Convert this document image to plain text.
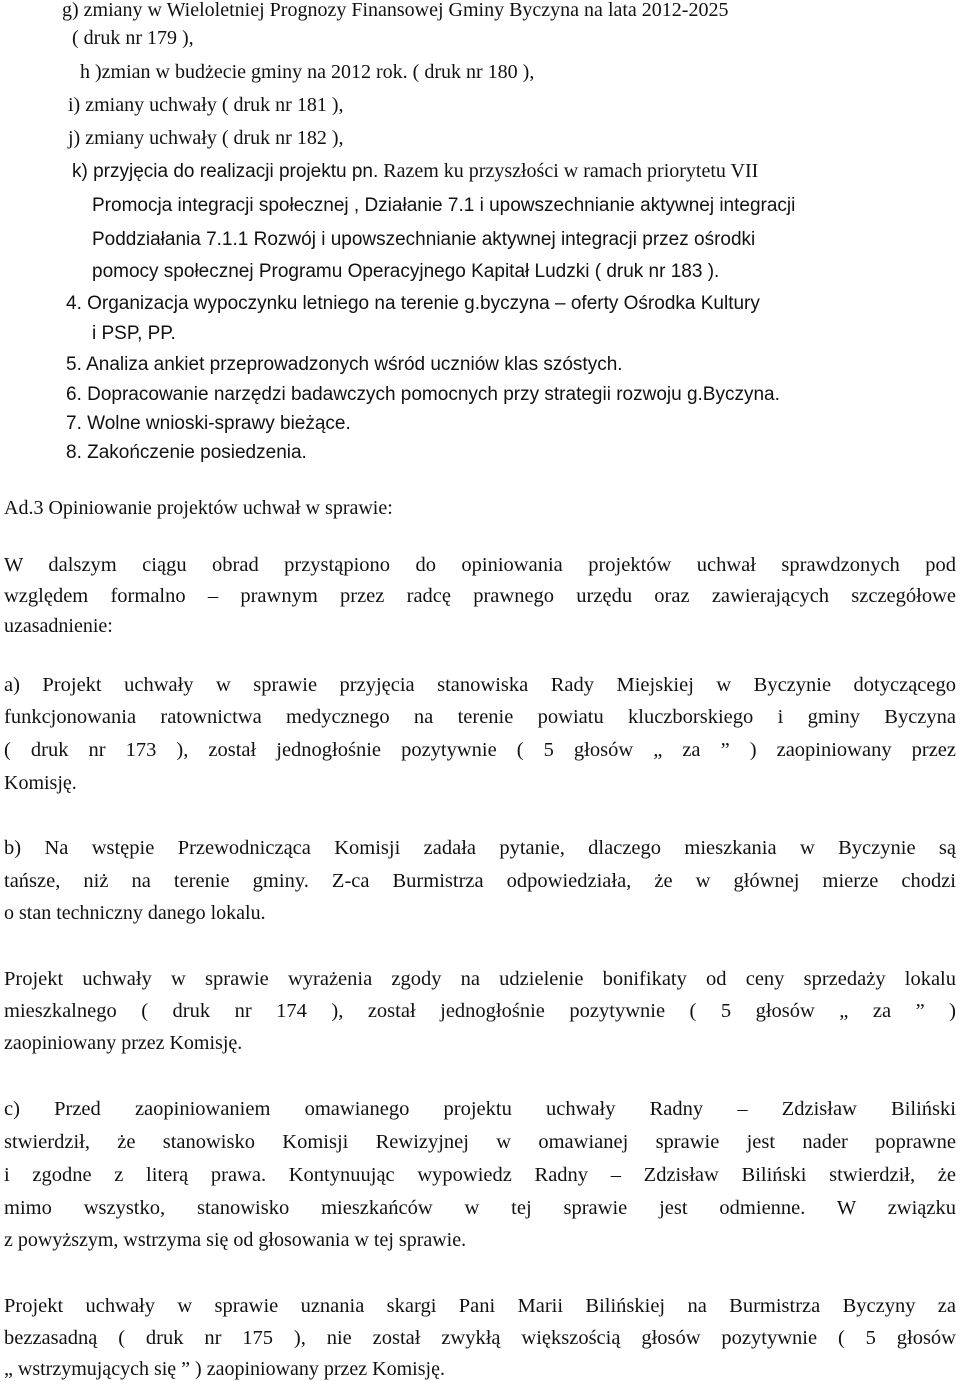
g) zmiany w Wieloletniej Prognozy Finansowej Gminy Byczyna na lata 2012-2025
( druk nr 179 ),
h )zmian w budżecie gminy na 2012 rok. ( druk nr 180 ),
i) zmiany uchwały ( druk nr 181 ),
j) zmiany uchwały ( druk nr 182 ),
k) przyjęcia do realizacji projektu pn. Razem ku przyszłości w ramach priorytetu VII
Promocja integracji społecznej , Działanie 7.1 i upowszechnianie aktywnej integracji
Poddziałania 7.1.1 Rozwój i upowszechnianie aktywnej integracji przez ośrodki
pomocy społecznej Programu Operacyjnego Kapitał Ludzki ( druk nr 183 ).
4. Organizacja wypoczynku letniego na terenie g.byczyna – oferty Ośrodka Kultury
i PSP, PP.
5. Analiza ankiet przeprowadzonych wśród uczniów klas szóstych.
6. Dopracowanie narzędzi badawczych pomocnych przy strategii rozwoju g.Byczyna.
7. Wolne wnioski-sprawy bieżące.
8. Zakończenie posiedzenia.
Ad.3 Opiniowanie projektów uchwał w sprawie:
W dalszym ciągu obrad przystąpiono do opiniowania projektów uchwał sprawdzonych pod
względem formalno – prawnym przez radcę prawnego urzędu oraz zawierających szczegółowe
uzasadnienie:
a) Projekt uchwały w sprawie przyjęcia stanowiska Rady Miejskiej w Byczynie dotyczącego
funkcjonowania ratownictwa medycznego na terenie powiatu kluczborskiego i gminy Byczyna
( druk nr 173 ), został jednogłośnie pozytywnie ( 5 głosów „ za ” ) zaopiniowany przez
Komisję.
b) Na wstępie Przewodnicząca Komisji zadała pytanie, dlaczego mieszkania w Byczynie są
tańsze, niż na terenie gminy. Z-ca Burmistrza odpowiedziała, że w głównej mierze chodzi
o stan techniczny danego lokalu.
Projekt uchwały w sprawie wyrażenia zgody na udzielenie bonifikaty od ceny sprzedaży lokalu
mieszkalnego ( druk nr 174 ), został jednogłośnie pozytywnie ( 5 głosów „ za ” )
zaopiniowany przez Komisję.
c) Przed zaopiniowaniem omawianego projektu uchwały Radny – Zdzisław Biliński
stwierdził, że stanowisko Komisji Rewizyjnej w omawianej sprawie jest nader poprawne
i zgodne z literą prawa. Kontynuując wypowiedz Radny – Zdzisław Biliński stwierdził, że
mimo wszystko, stanowisko mieszkańców w tej sprawie jest odmienne. W związku
z powyższym, wstrzyma się od głosowania w tej sprawie.
Projekt uchwały w sprawie uznania skargi Pani Marii Bilińskiej na Burmistrza Byczyny za
bezzasadną ( druk nr 175 ), nie został zwykłą większością głosów pozytywnie ( 5 głosów
„ wstrzymujących się ” ) zaopiniowany przez Komisję.
